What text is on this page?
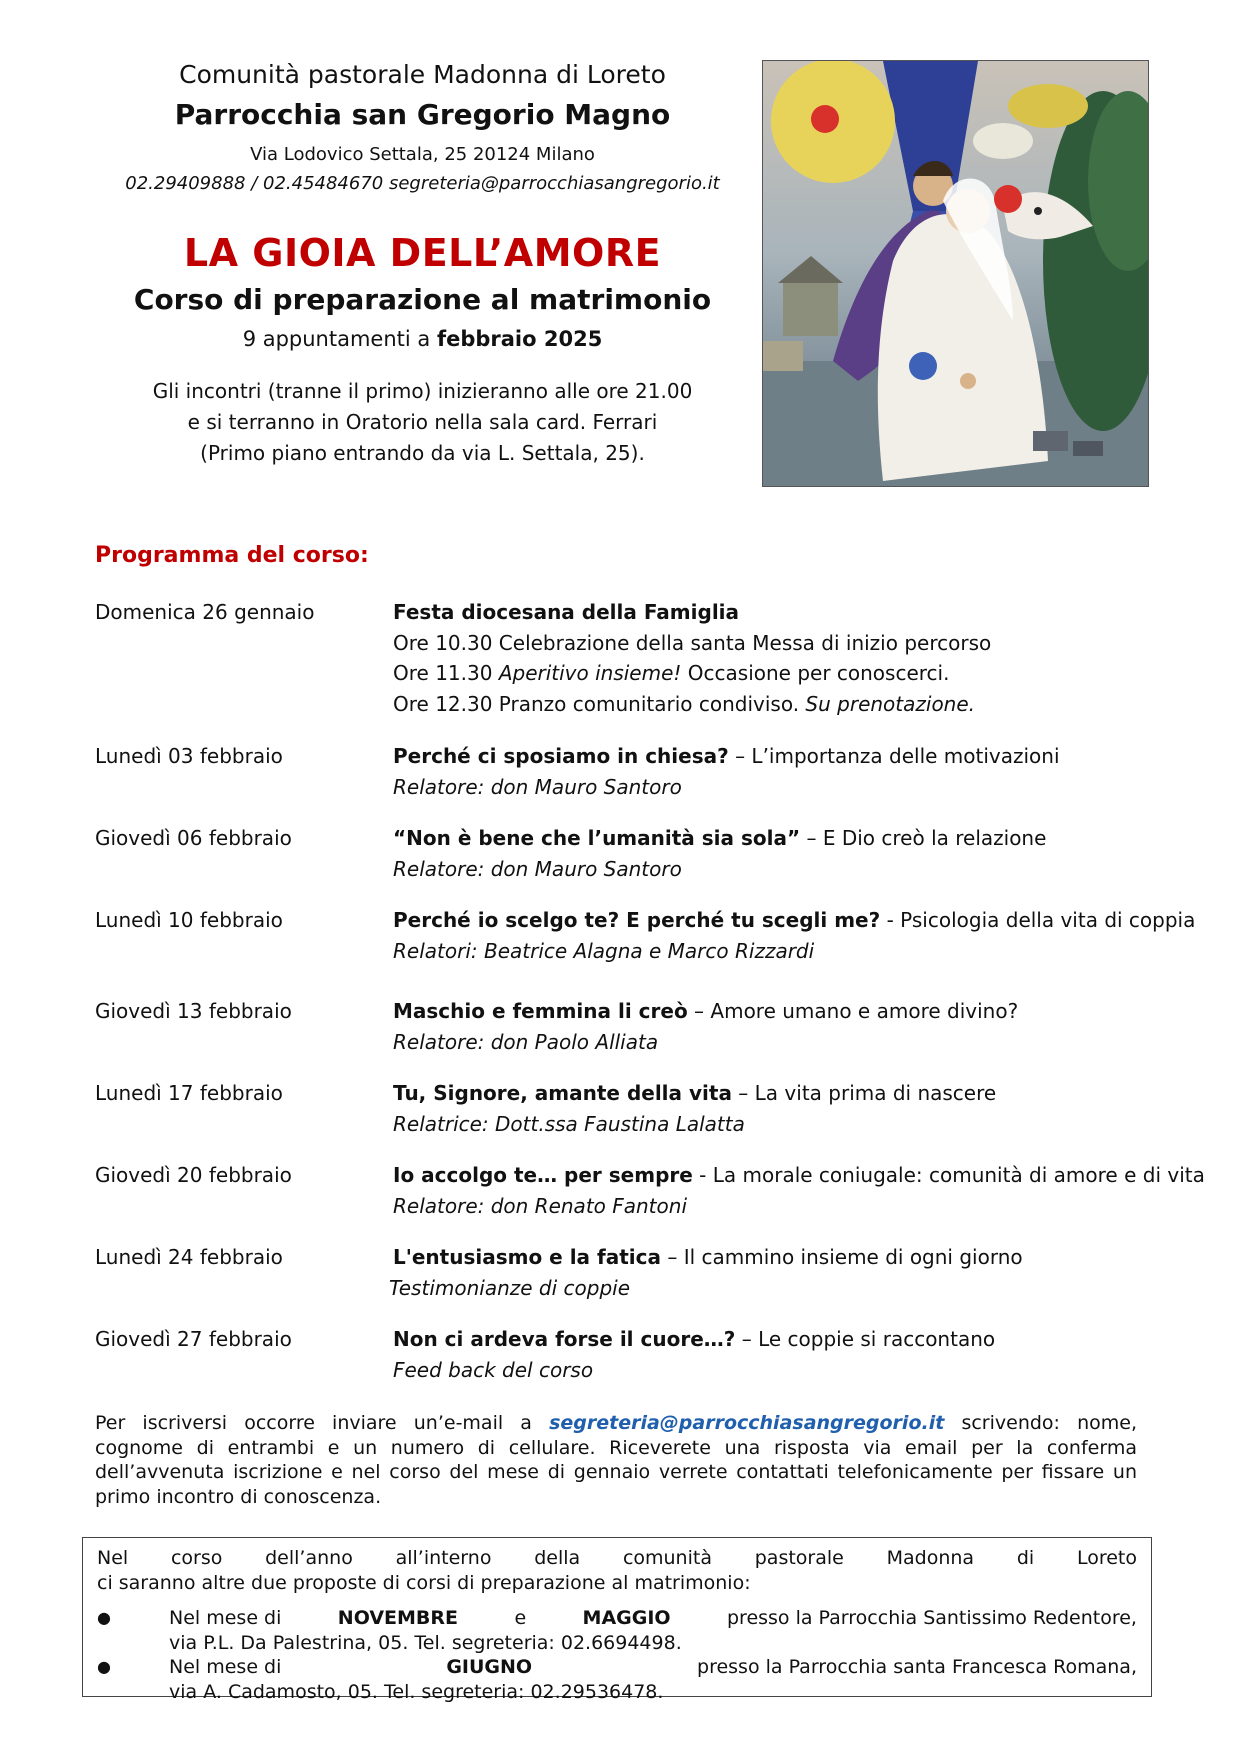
Comunità pastorale Madonna di Loreto
Parrocchia san Gregorio Magno
Via Lodovico Settala, 25 20124 Milano
02.29409888 / 02.45484670 segreteria@parrocchiasangregorio.it
LA GIOIA DELL’AMORE
Corso di preparazione al matrimonio
9 appuntamenti a febbraio 2025
Gli incontri (tranne il primo) inizieranno alle ore 21.00
e si terranno in Oratorio nella sala card. Ferrari
(Primo piano entrando da via L. Settala, 25).
Programma del corso:
Domenica 26 gennaio	Festa diocesana della Famiglia
Ore 10.30 Celebrazione della santa Messa di inizio percorso
Ore 11.30 Aperitivo insieme! Occasione per conoscerci.
Ore 12.30 Pranzo comunitario condiviso. Su prenotazione.
Lunedì 03 febbraio	Perché ci sposiamo in chiesa? – L’importanza delle motivazioni
Relatore: don Mauro Santoro
Giovedì 06 febbraio	“Non è bene che l’umanità sia sola” – E Dio creò la relazione
Relatore: don Mauro Santoro
Lunedì 10 febbraio	Perché io scelgo te? E perché tu scegli me? - Psicologia della vita di coppia
Relatori: Beatrice Alagna e Marco Rizzardi
Giovedì 13 febbraio	Maschio e femmina li creò – Amore umano e amore divino?
Relatore: don Paolo Alliata
Lunedì 17 febbraio	Tu, Signore, amante della vita – La vita prima di nascere
Relatrice: Dott.ssa Faustina Lalatta
Giovedì 20 febbraio	Io accolgo te… per sempre - La morale coniugale: comunità di amore e di vita
Relatore: don Renato Fantoni
Lunedì 24 febbraio	L'entusiasmo e la fatica – Il cammino insieme di ogni giorno
Testimonianze di coppie
Giovedì 27 febbraio	Non ci ardeva forse il cuore…? – Le coppie si raccontano
Feed back del corso
Per iscriversi occorre inviare un’e-mail a segreteria@parrocchiasangregorio.it scrivendo: nome, cognome di entrambi e un numero di cellulare. Riceverete una risposta via email per la conferma dell’avvenuta iscrizione e nel corso del mese di gennaio verrete contattati telefonicamente per fissare un primo incontro di conoscenza.
Nel corso dell’anno all’interno della comunità pastorale Madonna di Loreto
ci saranno altre due proposte di corsi di preparazione al matrimonio:
●	Nel mese di	NOVEMBRE	e	MAGGIO	presso la Parrocchia Santissimo Redentore,
via P.L. Da Palestrina, 05. Tel. segreteria: 02.6694498.
●	Nel mese di	GIUGNO	presso la Parrocchia santa Francesca Romana,
via A. Cadamosto, 05. Tel. segreteria: 02.29536478.
